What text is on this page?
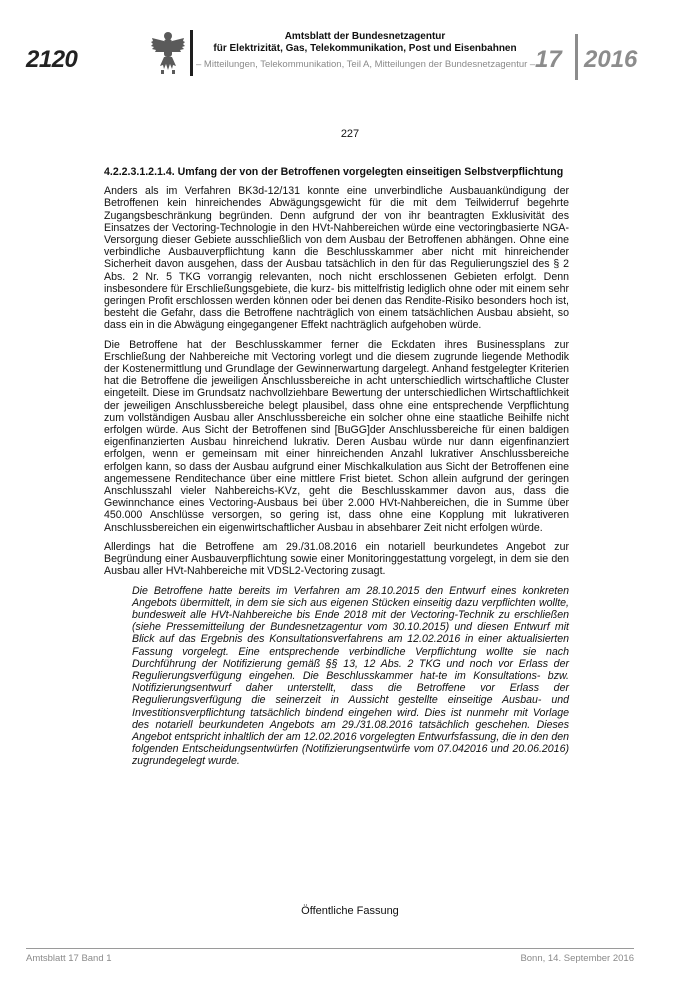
2120
Amtsblatt der Bundesnetzagentur
für Elektrizität, Gas, Telekommunikation, Post und Eisenbahnen
– Mitteilungen, Telekommunikation, Teil A, Mitteilungen der Bundesnetzagentur – 17 2016
227

4.2.2.3.1.2.1.4. Umfang der von der Betroffenen vorgelegten einseitigen Selbstverpflichtung

Anders als im Verfahren BK3d-12/131 konnte eine unverbindliche Ausbauankündigung der Betroffenen kein hinreichendes Abwägungsgewicht für die mit dem Teilwiderruf begehrte Zugangsbeschränkung begründen. Denn aufgrund der von ihr beantragten Exklusivität des Einsatzes der Vectoring-Technologie in den HVt-Nahbereichen würde eine vectoringbasierte NGA-Versorgung dieser Gebiete ausschließlich von dem Ausbau der Betroffenen abhängen. Ohne eine verbindliche Ausbauverpflichtung kann die Beschlusskammer aber nicht mit hinreichender Sicherheit davon ausgehen, dass der Ausbau tatsächlich in den für das Regulierungsziel des § 2 Abs. 2 Nr. 5 TKG vorrangig relevanten, noch nicht erschlossenen Gebieten erfolgt. Denn insbesondere für Erschließungsgebiete, die kurz- bis mittelfristig lediglich ohne oder mit einem sehr geringen Profit erschlossen werden können oder bei denen das Rendite-Risiko besonders hoch ist, besteht die Gefahr, dass die Betroffene nachträglich von einem tatsächlichen Ausbau absieht, so dass ein in die Abwägung eingegangener Effekt nachträglich aufgehoben würde.

Die Betroffene hat der Beschlusskammer ferner die Eckdaten ihres Businessplans zur Erschließung der Nahbereiche mit Vectoring vorlegt und die diesem zugrunde liegende Methodik der Kostenermittlung und Grundlage der Gewinnerwartung dargelegt. Anhand festgelegter Kriterien hat die Betroffene die jeweiligen Anschlussbereiche in acht unterschiedlich wirtschaftliche Cluster eingeteilt. Diese im Grundsatz nachvollziehbare Bewertung der unterschiedlichen Wirtschaftlichkeit der jeweiligen Anschlussbereiche belegt plausibel, dass ohne eine entsprechende Verpflichtung zum vollständigen Ausbau aller Anschlussbereiche ein solcher ohne eine staatliche Beihilfe nicht erfolgen würde. Aus Sicht der Betroffenen sind [BuGG]der Anschlussbereiche für einen baldigen eigenfinanzierten Ausbau hinreichend lukrativ. Deren Ausbau würde nur dann eigenfinanziert erfolgen, wenn er gemeinsam mit einer hinreichenden Anzahl lukrativer Anschlussbereiche erfolgen kann, so dass der Ausbau aufgrund einer Mischkalkulation aus Sicht der Betroffenen eine angemessene Renditechance über eine mittlere Frist bietet. Schon allein aufgrund der geringen Anschlusszahl vieler Nahbereichs-KVz, geht die Beschlusskammer davon aus, dass die Gewinnchance eines Vectoring-Ausbaus bei über 2.000 HVt-Nahbereichen, die in Summe über 450.000 Anschlüsse versorgen, so gering ist, dass ohne eine Kopplung mit lukrativeren Anschlussbereichen ein eigenwirtschaftlicher Ausbau in absehbarer Zeit nicht erfolgen würde.

Allerdings hat die Betroffene am 29./31.08.2016 ein notariell beurkundetes Angebot zur Begründung einer Ausbauverpflichtung sowie einer Monitoringgestattung vorgelegt, in dem sie den Ausbau aller HVt-Nahbereiche mit VDSL2-Vectoring zusagt.

Die Betroffene hatte bereits im Verfahren am 28.10.2015 den Entwurf eines konkreten Angebots übermittelt, in dem sie sich aus eigenen Stücken einseitig dazu verpflichten wollte, bundesweit alle HVt-Nahbereiche bis Ende 2018 mit der Vectoring-Technik zu erschließen (siehe Pressemitteilung der Bundesnetzagentur vom 30.10.2015) und diesen Entwurf mit Blick auf das Ergebnis des Konsultationsverfahrens am 12.02.2016 in einer aktualisierten Fassung vorgelegt. Eine entsprechende verbindliche Verpflichtung wollte sie nach Durchführung der Notifizierung gemäß §§ 13, 12 Abs. 2 TKG und noch vor Erlass der Regulierungsverfügung eingehen. Die Beschlusskammer hat-te im Konsultations- bzw. Notifizierungsentwurf daher unterstellt, dass die Betroffene vor Erlass der Regulierungsverfügung die seinerzeit in Aussicht gestellte einseitige Ausbau- und Investitionsverpflichtung tatsächlich bindend eingehen wird. Dies ist nunmehr mit Vorlage des notariell beurkundeten Angebots am 29./31.08.2016 tatsächlich geschehen. Dieses Angebot entspricht inhaltlich der am 12.02.2016 vorgelegten Entwurfsfassung, die in den den folgenden Entscheidungsentwürfen (Notifizierungsentwürfe vom 07.042016 und 20.06.2016) zugrundegelegt wurde.

Öffentliche Fassung
Amtsblatt 17 Band 1	Bonn, 14. September 2016
